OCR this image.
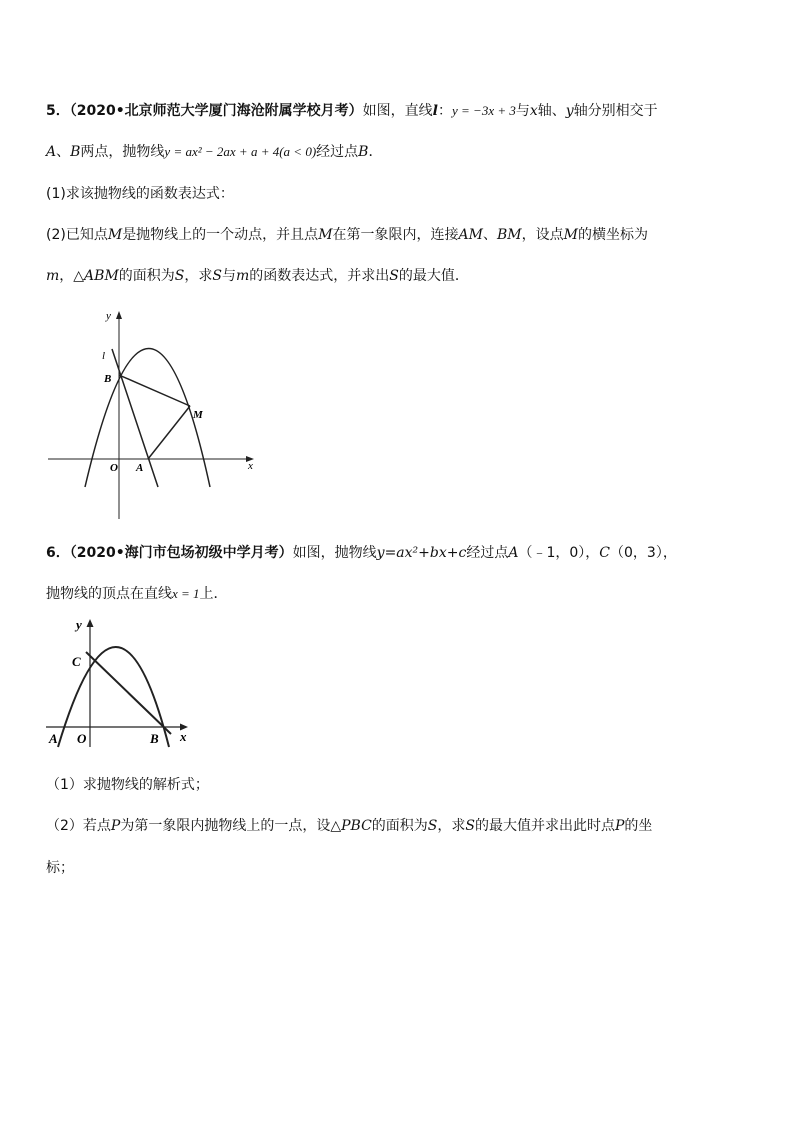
5．（2020•北京师范大学厦门海沧附属学校月考）如图，直线l：y = −3x + 3与x轴、y轴分别相交于
A、B两点，抛物线y = ax² − 2ax + a + 4(a < 0)经过点B．
(1)求该抛物线的函数表达式：
(2)已知点M是抛物线上的一个动点，并且点M在第一象限内，连接AM、BM，设点M的横坐标为
m，△ABM的面积为S，求S与m的函数表达式，并求出S的最大值．
y
x
l
B
M
O A
6．（2020•海门市包场初级中学月考）如图，抛物线y=ax²+bx+c经过点A（﹣1，0），C（0，3），
抛物线的顶点在直线x = 1上．
y
x
C
A O	B
（1）求抛物线的解析式；
（2）若点P为第一象限内抛物线上的一点，设△PBC的面积为S，求S的最大值并求出此时点P的坐
标；
